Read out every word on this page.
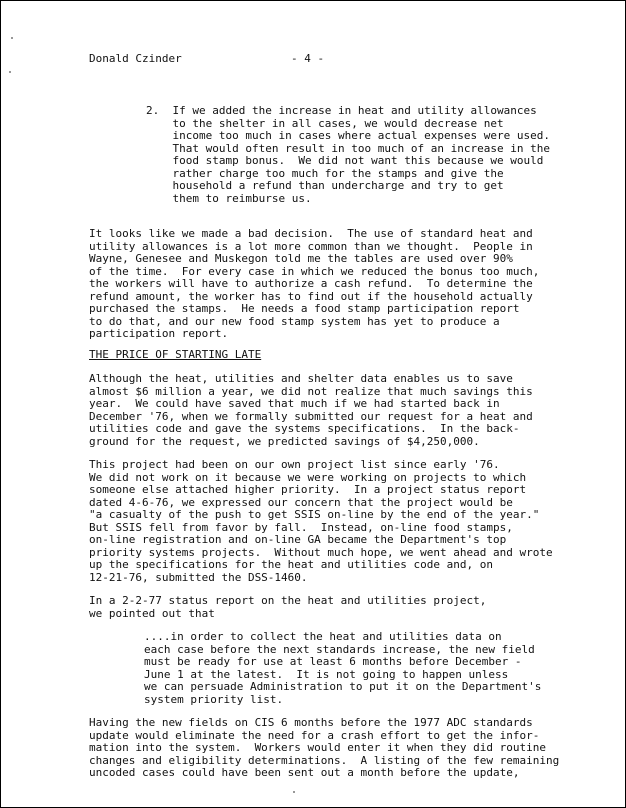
Donald Czinder	- 4 -
2.  If we added the increase in heat and utility allowances
to the shelter in all cases, we would decrease net
income too much in cases where actual expenses were used.
That would often result in too much of an increase in the
food stamp bonus.  We did not want this because we would
rather charge too much for the stamps and give the
household a refund than undercharge and try to get
them to reimburse us.
It looks like we made a bad decision.  The use of standard heat and
utility allowances is a lot more common than we thought.  People in
Wayne, Genesee and Muskegon told me the tables are used over 90%
of the time.  For every case in which we reduced the bonus too much,
the workers will have to authorize a cash refund.  To determine the
refund amount, the worker has to find out if the household actually
purchased the stamps.  He needs a food stamp participation report
to do that, and our new food stamp system has yet to produce a
participation report.
THE PRICE OF STARTING LATE
Although the heat, utilities and shelter data enables us to save
almost $6 million a year, we did not realize that much savings this
year.  We could have saved that much if we had started back in
December '76, when we formally submitted our request for a heat and
utilities code and gave the systems specifications.  In the back-
ground for the request, we predicted savings of $4,250,000.
This project had been on our own project list since early '76.
We did not work on it because we were working on projects to which
someone else attached higher priority.  In a project status report
dated 4-6-76, we expressed our concern that the project would be
"a casualty of the push to get SSIS on-line by the end of the year."
But SSIS fell from favor by fall.  Instead, on-line food stamps,
on-line registration and on-line GA became the Department's top
priority systems projects.  Without much hope, we went ahead and wrote
up the specifications for the heat and utilities code and, on
12-21-76, submitted the DSS-1460.
In a 2-2-77 status report on the heat and utilities project,
we pointed out that
....in order to collect the heat and utilities data on
each case before the next standards increase, the new field
must be ready for use at least 6 months before December -
June 1 at the latest.  It is not going to happen unless
we can persuade Administration to put it on the Department's
system priority list.
Having the new fields on CIS 6 months before the 1977 ADC standards
update would eliminate the need for a crash effort to get the infor-
mation into the system.  Workers would enter it when they did routine
changes and eligibility determinations.  A listing of the few remaining
uncoded cases could have been sent out a month before the update,
